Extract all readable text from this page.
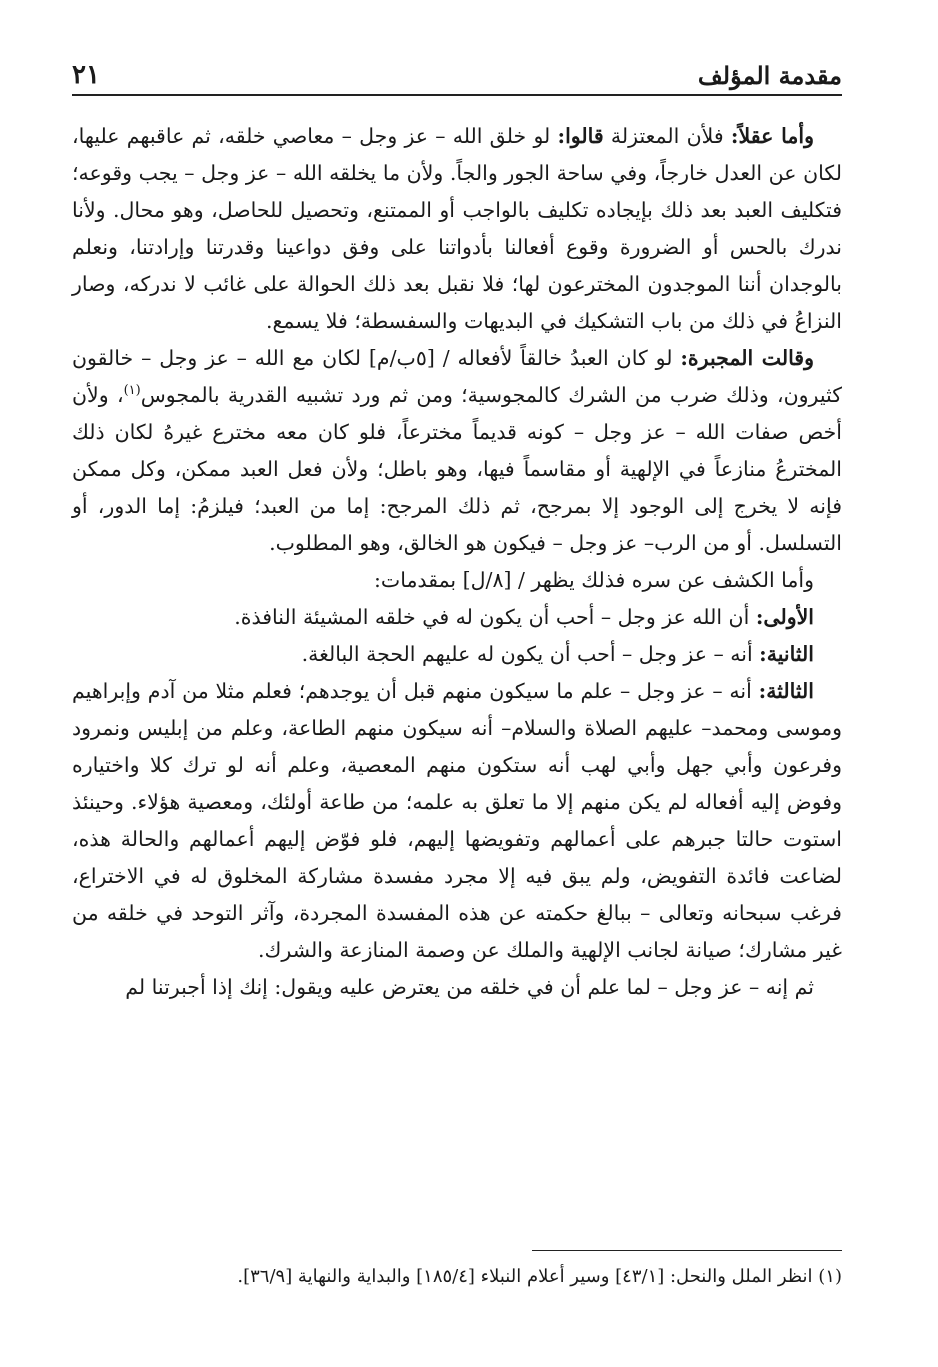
مقدمة المؤلف
٢١

وأما عقلاً: فلأن المعتزلة قالوا: لو خلق الله – عز وجل – معاصي خلقه، ثم عاقبهم عليها، لكان عن العدل خارجاً، وفي ساحة الجور والجاً. ولأن ما يخلقه الله – عز وجل – يجب وقوعه؛ فتكليف العبد بعد ذلك بإيجاده تكليف بالواجب أو الممتنع، وتحصيل للحاصل، وهو محال. ولأنا ندرك بالحس أو الضرورة وقوع أفعالنا بأدواتنا على وفق دواعينا وقدرتنا وإرادتنا، ونعلم بالوجدان أننا الموجدون المخترعون لها؛ فلا نقبل بعد ذلك الحوالة على غائب لا ندركه، وصار النزاعُ في ذلك من باب التشكيك في البديهات والسفسطة؛ فلا يسمع.

وقالت المجبرة: لو كان العبدُ خالقاً لأفعاله / [٥ب/م] لكان مع الله – عز وجل – خالقون كثيرون، وذلك ضرب من الشرك كالمجوسية؛ ومن ثم ورد تشبيه القدرية بالمجوس$^{(١)}$، ولأن أخص صفات الله – عز وجل – كونه قديماً مخترعاً، فلو كان معه مخترع غيرهُ لكان ذلك المخترعُ منازعاً في الإلهية أو مقاسماً فيها، وهو باطل؛ ولأن فعل العبد ممكن، وكل ممكن فإنه لا يخرج إلى الوجود إلا بمرجح، ثم ذلك المرجح: إما من العبد؛ فيلزمُ: إما الدور، أو التسلسل. أو من الرب– عز وجل – فيكون هو الخالق، وهو المطلوب.

وأما الكشف عن سره فذلك يظهر / [٨/ل] بمقدمات:

الأولى: أن الله عز وجل – أحب أن يكون له في خلقه المشيئة النافذة.

الثانية: أنه – عز وجل – أحب أن يكون له عليهم الحجة البالغة.

الثالثة: أنه – عز وجل – علم ما سيكون منهم قبل أن يوجدهم؛ فعلم مثلا من آدم وإبراهيم وموسى ومحمد– عليهم الصلاة والسلام– أنه سيكون منهم الطاعة، وعلم من إبليس ونمرود وفرعون وأبي جهل وأبي لهب أنه ستكون منهم المعصية، وعلم أنه لو ترك كلا واختياره وفوض إليه أفعاله لم يكن منهم إلا ما تعلق به علمه؛ من طاعة أولئك، ومعصية هؤلاء. وحينئذ استوت حالتا جبرهم على أعمالهم وتفويضها إليهم، فلو فوّض إليهم أعمالهم والحالة هذه، لضاعت فائدة التفويض، ولم يبق فيه إلا مجرد مفسدة مشاركة المخلوق له في الاختراع، فرغب سبحانه وتعالى – ببالغ حكمته عن هذه المفسدة المجردة، وآثر التوحد في خلقه من غير مشارك؛ صيانة لجانب الإلهية والملك عن وصمة المنازعة والشرك.

ثم إنه – عز وجل – لما علم أن في خلقه من يعترض عليه ويقول: إنك إذا أجبرتنا لم

(١) انظر الملل والنحل: [٤٣/١] وسير أعلام النبلاء [١٨٥/٤] والبداية والنهاية [٣٦/٩].
